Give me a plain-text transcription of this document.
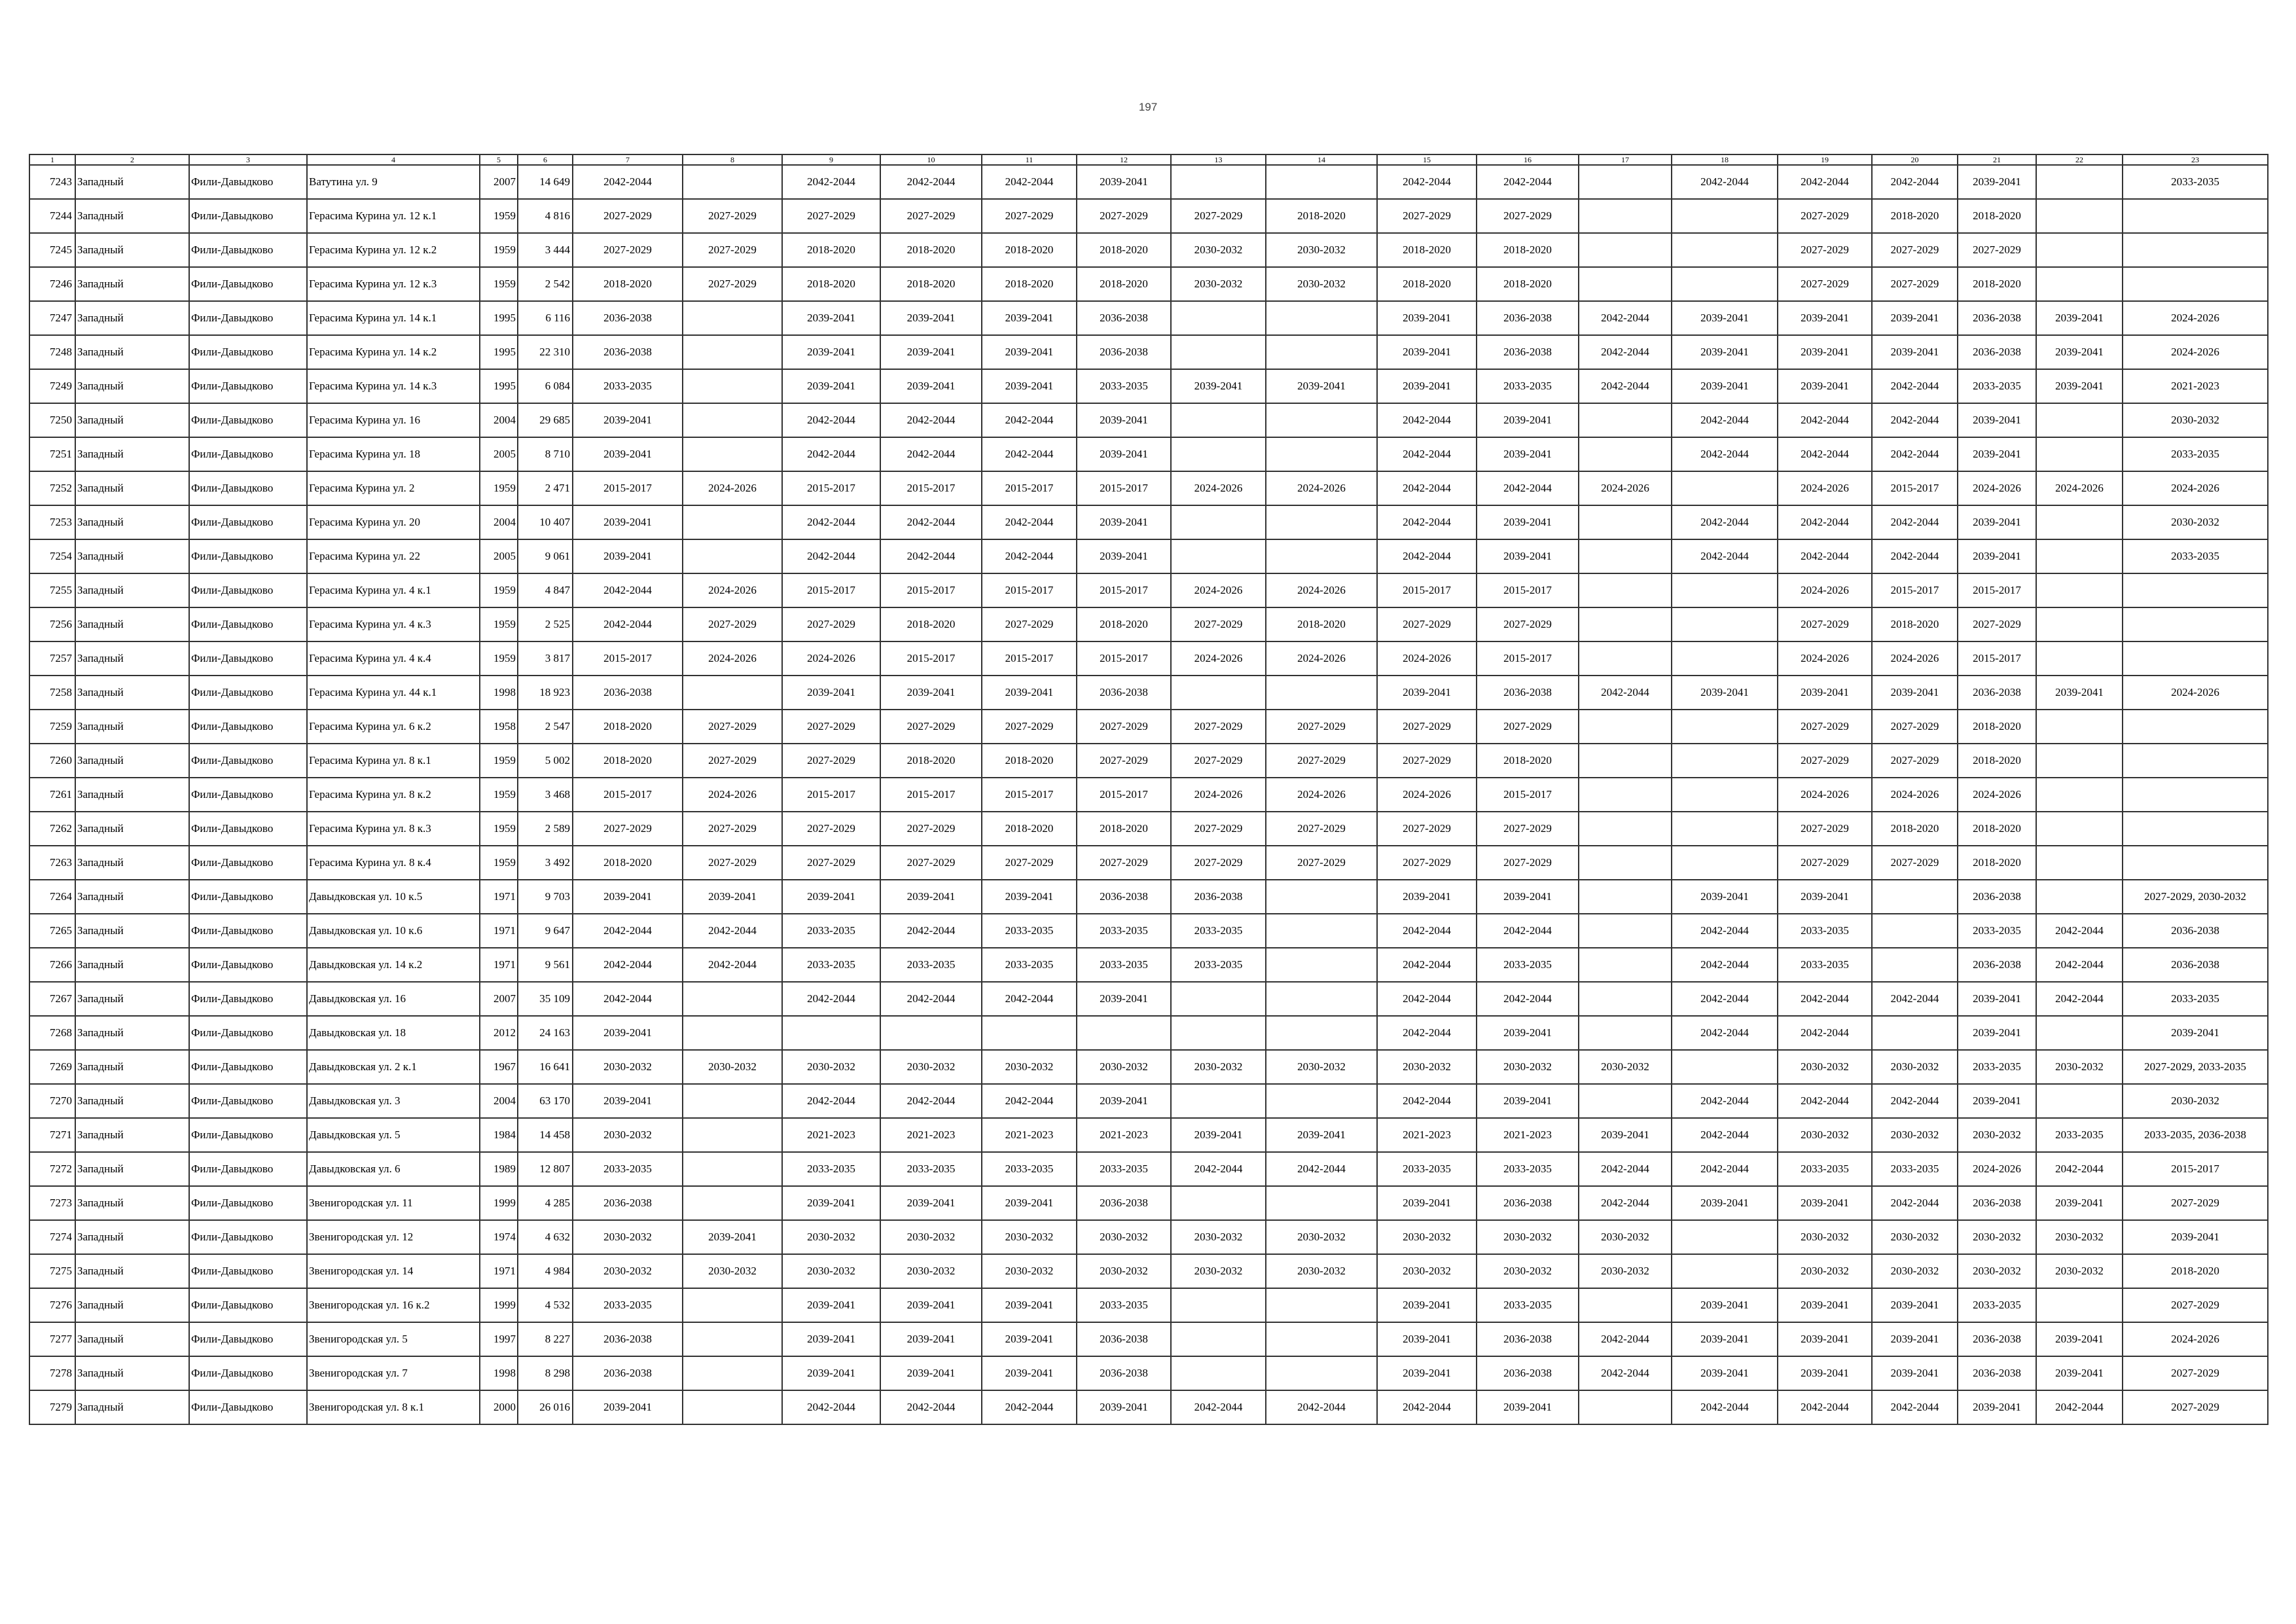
197
1	2	3	4	5	6	7	8	9	10	11	12	13	14	15	16	17	18	19	20	21	22	23
7243	Западный	Фили-Давыдково	Ватутина ул. 9	2007	14 649	2042-2044		2042-2044	2042-2044	2042-2044	2039-2041			2042-2044	2042-2044		2042-2044	2042-2044	2042-2044	2039-2041		2033-2035
7244	Западный	Фили-Давыдково	Герасима Курина ул. 12 к.1	1959	4 816	2027-2029	2027-2029	2027-2029	2027-2029	2027-2029	2027-2029	2027-2029	2018-2020	2027-2029	2027-2029			2027-2029	2018-2020	2018-2020		
7245	Западный	Фили-Давыдково	Герасима Курина ул. 12 к.2	1959	3 444	2027-2029	2027-2029	2018-2020	2018-2020	2018-2020	2018-2020	2030-2032	2030-2032	2018-2020	2018-2020			2027-2029	2027-2029	2027-2029		
7246	Западный	Фили-Давыдково	Герасима Курина ул. 12 к.3	1959	2 542	2018-2020	2027-2029	2018-2020	2018-2020	2018-2020	2018-2020	2030-2032	2030-2032	2018-2020	2018-2020			2027-2029	2027-2029	2018-2020		
7247	Западный	Фили-Давыдково	Герасима Курина ул. 14 к.1	1995	6 116	2036-2038		2039-2041	2039-2041	2039-2041	2036-2038			2039-2041	2036-2038	2042-2044	2039-2041	2039-2041	2039-2041	2036-2038	2039-2041	2024-2026
7248	Западный	Фили-Давыдково	Герасима Курина ул. 14 к.2	1995	22 310	2036-2038		2039-2041	2039-2041	2039-2041	2036-2038			2039-2041	2036-2038	2042-2044	2039-2041	2039-2041	2039-2041	2036-2038	2039-2041	2024-2026
7249	Западный	Фили-Давыдково	Герасима Курина ул. 14 к.3	1995	6 084	2033-2035		2039-2041	2039-2041	2039-2041	2033-2035	2039-2041	2039-2041	2039-2041	2033-2035	2042-2044	2039-2041	2039-2041	2042-2044	2033-2035	2039-2041	2021-2023
7250	Западный	Фили-Давыдково	Герасима Курина ул. 16	2004	29 685	2039-2041		2042-2044	2042-2044	2042-2044	2039-2041			2042-2044	2039-2041		2042-2044	2042-2044	2042-2044	2039-2041		2030-2032
7251	Западный	Фили-Давыдково	Герасима Курина ул. 18	2005	8 710	2039-2041		2042-2044	2042-2044	2042-2044	2039-2041			2042-2044	2039-2041		2042-2044	2042-2044	2042-2044	2039-2041		2033-2035
7252	Западный	Фили-Давыдково	Герасима Курина ул. 2	1959	2 471	2015-2017	2024-2026	2015-2017	2015-2017	2015-2017	2015-2017	2024-2026	2024-2026	2042-2044	2042-2044	2024-2026		2024-2026	2015-2017	2024-2026	2024-2026	2024-2026
7253	Западный	Фили-Давыдково	Герасима Курина ул. 20	2004	10 407	2039-2041		2042-2044	2042-2044	2042-2044	2039-2041			2042-2044	2039-2041		2042-2044	2042-2044	2042-2044	2039-2041		2030-2032
7254	Западный	Фили-Давыдково	Герасима Курина ул. 22	2005	9 061	2039-2041		2042-2044	2042-2044	2042-2044	2039-2041			2042-2044	2039-2041		2042-2044	2042-2044	2042-2044	2039-2041		2033-2035
7255	Западный	Фили-Давыдково	Герасима Курина ул. 4 к.1	1959	4 847	2042-2044	2024-2026	2015-2017	2015-2017	2015-2017	2015-2017	2024-2026	2024-2026	2015-2017	2015-2017			2024-2026	2015-2017	2015-2017		
7256	Западный	Фили-Давыдково	Герасима Курина ул. 4 к.3	1959	2 525	2042-2044	2027-2029	2027-2029	2018-2020	2027-2029	2018-2020	2027-2029	2018-2020	2027-2029	2027-2029			2027-2029	2018-2020	2027-2029		
7257	Западный	Фили-Давыдково	Герасима Курина ул. 4 к.4	1959	3 817	2015-2017	2024-2026	2024-2026	2015-2017	2015-2017	2015-2017	2024-2026	2024-2026	2024-2026	2015-2017			2024-2026	2024-2026	2015-2017		
7258	Западный	Фили-Давыдково	Герасима Курина ул. 44 к.1	1998	18 923	2036-2038		2039-2041	2039-2041	2039-2041	2036-2038			2039-2041	2036-2038	2042-2044	2039-2041	2039-2041	2039-2041	2036-2038	2039-2041	2024-2026
7259	Западный	Фили-Давыдково	Герасима Курина ул. 6 к.2	1958	2 547	2018-2020	2027-2029	2027-2029	2027-2029	2027-2029	2027-2029	2027-2029	2027-2029	2027-2029	2027-2029			2027-2029	2027-2029	2018-2020		
7260	Западный	Фили-Давыдково	Герасима Курина ул. 8 к.1	1959	5 002	2018-2020	2027-2029	2027-2029	2018-2020	2018-2020	2027-2029	2027-2029	2027-2029	2027-2029	2018-2020			2027-2029	2027-2029	2018-2020		
7261	Западный	Фили-Давыдково	Герасима Курина ул. 8 к.2	1959	3 468	2015-2017	2024-2026	2015-2017	2015-2017	2015-2017	2015-2017	2024-2026	2024-2026	2024-2026	2015-2017			2024-2026	2024-2026	2024-2026		
7262	Западный	Фили-Давыдково	Герасима Курина ул. 8 к.3	1959	2 589	2027-2029	2027-2029	2027-2029	2027-2029	2018-2020	2018-2020	2027-2029	2027-2029	2027-2029	2027-2029			2027-2029	2018-2020	2018-2020		
7263	Западный	Фили-Давыдково	Герасима Курина ул. 8 к.4	1959	3 492	2018-2020	2027-2029	2027-2029	2027-2029	2027-2029	2027-2029	2027-2029	2027-2029	2027-2029	2027-2029			2027-2029	2027-2029	2018-2020		
7264	Западный	Фили-Давыдково	Давыдковская ул. 10 к.5	1971	9 703	2039-2041	2039-2041	2039-2041	2039-2041	2039-2041	2036-2038	2036-2038		2039-2041	2039-2041		2039-2041	2039-2041		2036-2038		2027-2029, 2030-2032
7265	Западный	Фили-Давыдково	Давыдковская ул. 10 к.6	1971	9 647	2042-2044	2042-2044	2033-2035	2042-2044	2033-2035	2033-2035	2033-2035		2042-2044	2042-2044		2042-2044	2033-2035		2033-2035	2042-2044	2036-2038
7266	Западный	Фили-Давыдково	Давыдковская ул. 14 к.2	1971	9 561	2042-2044	2042-2044	2033-2035	2033-2035	2033-2035	2033-2035	2033-2035		2042-2044	2033-2035		2042-2044	2033-2035		2036-2038	2042-2044	2036-2038
7267	Западный	Фили-Давыдково	Давыдковская ул. 16	2007	35 109	2042-2044		2042-2044	2042-2044	2042-2044	2039-2041			2042-2044	2042-2044		2042-2044	2042-2044	2042-2044	2039-2041	2042-2044	2033-2035
7268	Западный	Фили-Давыдково	Давыдковская ул. 18	2012	24 163	2039-2041								2042-2044	2039-2041		2042-2044	2042-2044		2039-2041		2039-2041
7269	Западный	Фили-Давыдково	Давыдковская ул. 2 к.1	1967	16 641	2030-2032	2030-2032	2030-2032	2030-2032	2030-2032	2030-2032	2030-2032	2030-2032	2030-2032	2030-2032	2030-2032		2030-2032	2030-2032	2033-2035	2030-2032	2027-2029, 2033-2035
7270	Западный	Фили-Давыдково	Давыдковская ул. 3	2004	63 170	2039-2041		2042-2044	2042-2044	2042-2044	2039-2041			2042-2044	2039-2041		2042-2044	2042-2044	2042-2044	2039-2041		2030-2032
7271	Западный	Фили-Давыдково	Давыдковская ул. 5	1984	14 458	2030-2032		2021-2023	2021-2023	2021-2023	2021-2023	2039-2041	2039-2041	2021-2023	2021-2023	2039-2041	2042-2044	2030-2032	2030-2032	2030-2032	2033-2035	2033-2035, 2036-2038
7272	Западный	Фили-Давыдково	Давыдковская ул. 6	1989	12 807	2033-2035		2033-2035	2033-2035	2033-2035	2033-2035	2042-2044	2042-2044	2033-2035	2033-2035	2042-2044	2042-2044	2033-2035	2033-2035	2024-2026	2042-2044	2015-2017
7273	Западный	Фили-Давыдково	Звенигородская ул. 11	1999	4 285	2036-2038		2039-2041	2039-2041	2039-2041	2036-2038			2039-2041	2036-2038	2042-2044	2039-2041	2039-2041	2042-2044	2036-2038	2039-2041	2027-2029
7274	Западный	Фили-Давыдково	Звенигородская ул. 12	1974	4 632	2030-2032	2039-2041	2030-2032	2030-2032	2030-2032	2030-2032	2030-2032	2030-2032	2030-2032	2030-2032	2030-2032		2030-2032	2030-2032	2030-2032	2030-2032	2039-2041
7275	Западный	Фили-Давыдково	Звенигородская ул. 14	1971	4 984	2030-2032	2030-2032	2030-2032	2030-2032	2030-2032	2030-2032	2030-2032	2030-2032	2030-2032	2030-2032	2030-2032		2030-2032	2030-2032	2030-2032	2030-2032	2018-2020
7276	Западный	Фили-Давыдково	Звенигородская ул. 16 к.2	1999	4 532	2033-2035		2039-2041	2039-2041	2039-2041	2033-2035			2039-2041	2033-2035		2039-2041	2039-2041	2039-2041	2033-2035		2027-2029
7277	Западный	Фили-Давыдково	Звенигородская ул. 5	1997	8 227	2036-2038		2039-2041	2039-2041	2039-2041	2036-2038			2039-2041	2036-2038	2042-2044	2039-2041	2039-2041	2039-2041	2036-2038	2039-2041	2024-2026
7278	Западный	Фили-Давыдково	Звенигородская ул. 7	1998	8 298	2036-2038		2039-2041	2039-2041	2039-2041	2036-2038			2039-2041	2036-2038	2042-2044	2039-2041	2039-2041	2039-2041	2036-2038	2039-2041	2027-2029
7279	Западный	Фили-Давыдково	Звенигородская ул. 8 к.1	2000	26 016	2039-2041		2042-2044	2042-2044	2042-2044	2039-2041	2042-2044	2042-2044	2042-2044	2039-2041		2042-2044	2042-2044	2042-2044	2039-2041	2042-2044	2027-2029
